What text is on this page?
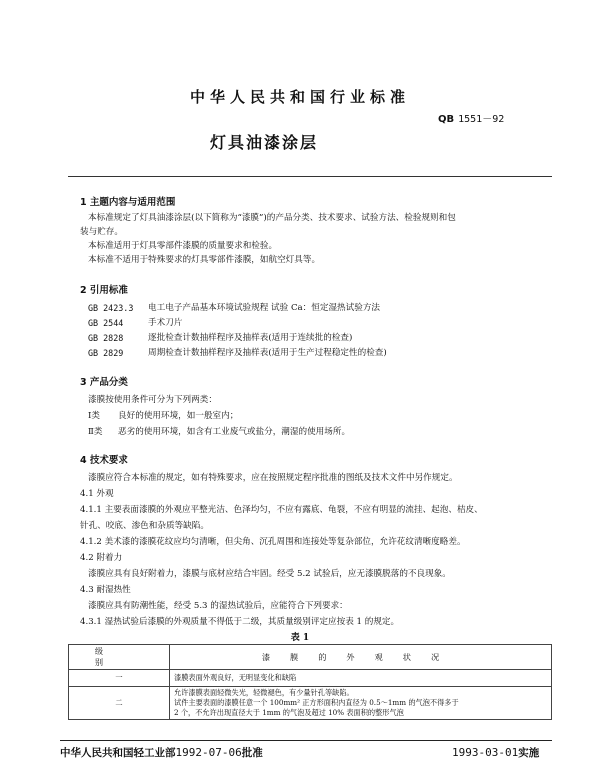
中华人民共和国行业标准
QB 1551－92
灯具油漆涂层
1 主题内容与适用范围
本标准规定了灯具油漆涂层(以下简称为“漆膜”)的产品分类、技术要求、试验方法、检验规则和包
装与贮存。
本标准适用于灯具零部件漆膜的质量要求和检验。
本标准不适用于特殊要求的灯具零部件漆膜，如航空灯具等。
2 引用标准
GB 2423.3 电工电子产品基本环境试验规程 试验 Ca：恒定湿热试验方法
GB 2544	手术刀片
GB 2828	逐批检查计数抽样程序及抽样表(适用于连续批的检查)
GB 2829	周期检查计数抽样程序及抽样表(适用于生产过程稳定性的检查)
3 产品分类
漆膜按使用条件可分为下列两类：
Ⅰ类 良好的使用环境，如一般室内；
Ⅱ类 恶劣的使用环境，如含有工业废气或盐分，潮湿的使用场所。
4 技术要求
漆膜应符合本标准的规定，如有特殊要求，应在按照规定程序批准的图纸及技术文件中另作规定。
4.1 外观
4.1.1 主要表面漆膜的外观应平整光洁、色泽均匀，不应有露底、龟裂，不应有明显的流挂、起泡、桔皮、
针孔、咬底、渗色和杂质等缺陷。
4.1.2 美术漆的漆膜花纹应均匀清晰，但尖角、沉孔周围和连接处等复杂部位，允许花纹清晰度略差。
4.2 附着力
漆膜应具有良好附着力，漆膜与底材应结合牢固。经受 5.2 试验后，应无漆膜脱落的不良现象。
4.3 耐湿热性
漆膜应具有防潮性能，经受 5.3 的湿热试验后，应能符合下列要求：
4.3.1 湿热试验后漆膜的外观质量不得低于二级，其质量级别评定应按表 1 的规定。
表 1
级别	漆膜的外观状况
一	漆膜表面外观良好，无明显变化和缺陷
二	允许漆膜表面轻微失光，轻微褪色，有少量针孔等缺陷。
试件主要表面的漆膜任意一个 100mm² 正方形面积内直径为 0.5～1mm 的气泡不得多于
2 个，不允许出现直径大于 1mm 的气泡及超过 10% 表面积的整形气泡
中华人民共和国轻工业部1992-07-06批准	1993-03-01实施
